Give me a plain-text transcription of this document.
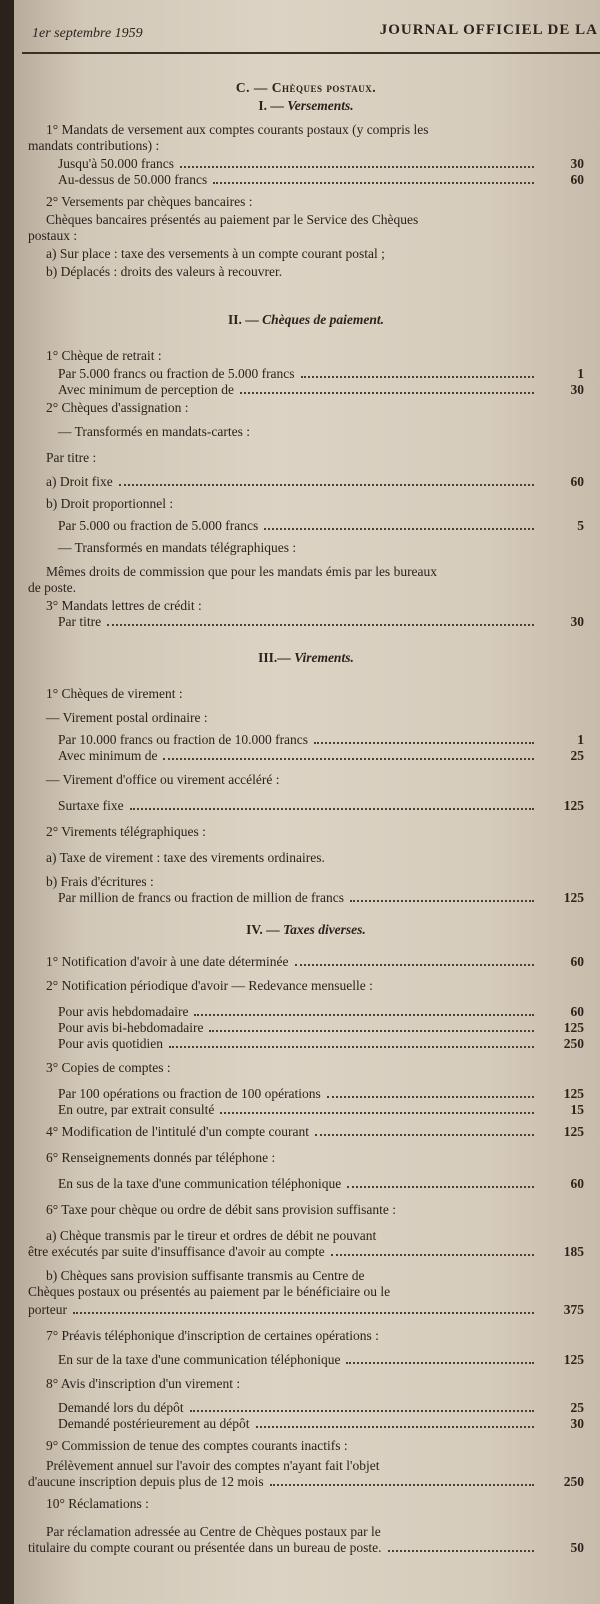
1er septembre 1959	JOURNAL OFFICIEL DE LA
C. — Chèques postaux.
I. — Versements.
1° Mandats de versement aux comptes courants postaux (y compris les
mandats contributions) :
Jusqu'à 50.000 francs	30
Au-dessus de 50.000 francs	60
2° Versements par chèques bancaires :
Chèques bancaires présentés au paiement par le Service des Chèques
postaux :
a) Sur place : taxe des versements à un compte courant postal ;
b) Déplacés : droits des valeurs à recouvrer.
II. — Chèques de paiement.
1° Chèque de retrait :
Par 5.000 francs ou fraction de 5.000 francs	1
Avec minimum de perception de	30
2° Chèques d'assignation :
— Transformés en mandats-cartes :
Par titre :
a) Droit fixe	60
b) Droit proportionnel :
Par 5.000 ou fraction de 5.000 francs	5
— Transformés en mandats télégraphiques :
Mêmes droits de commission que pour les mandats émis par les bureaux
de poste.
3° Mandats lettres de crédit :
Par titre	30
III.— Virements.
1° Chèques de virement :
— Virement postal ordinaire :
Par 10.000 francs ou fraction de 10.000 francs	1
Avec minimum de	25
— Virement d'office ou virement accéléré :
Surtaxe fixe	125
2° Virements télégraphiques :
a) Taxe de virement : taxe des virements ordinaires.
b) Frais d'écritures :
Par million de francs ou fraction de million de francs	125
IV. — Taxes diverses.
1° Notification d'avoir à une date déterminée	60
2° Notification périodique d'avoir — Redevance mensuelle :
Pour avis hebdomadaire	60
Pour avis bi-hebdomadaire	125
Pour avis quotidien	250
3° Copies de comptes :
Par 100 opérations ou fraction de 100 opérations	125
En outre, par extrait consulté	15
4° Modification de l'intitulé d'un compte courant	125
6° Renseignements donnés par téléphone :
En sus de la taxe d'une communication téléphonique	60
6° Taxe pour chèque ou ordre de débit sans provision suffisante :
a) Chèque transmis par le tireur et ordres de débit ne pouvant
être exécutés par suite d'insuffisance d'avoir au compte	185
b) Chèques sans provision suffisante transmis au Centre de
Chèques postaux ou présentés au paiement par le bénéficiaire ou le
porteur	375
7° Préavis téléphonique d'inscription de certaines opérations :
En sur de la taxe d'une communication téléphonique	125
8° Avis d'inscription d'un virement :
Demandé lors du dépôt	25
Demandé postérieurement au dépôt	30
9° Commission de tenue des comptes courants inactifs :
Prélèvement annuel sur l'avoir des comptes n'ayant fait l'objet
d'aucune inscription depuis plus de 12 mois	250
10° Réclamations :
Par réclamation adressée au Centre de Chèques postaux par le
titulaire du compte courant ou présentée dans un bureau de poste.	50
